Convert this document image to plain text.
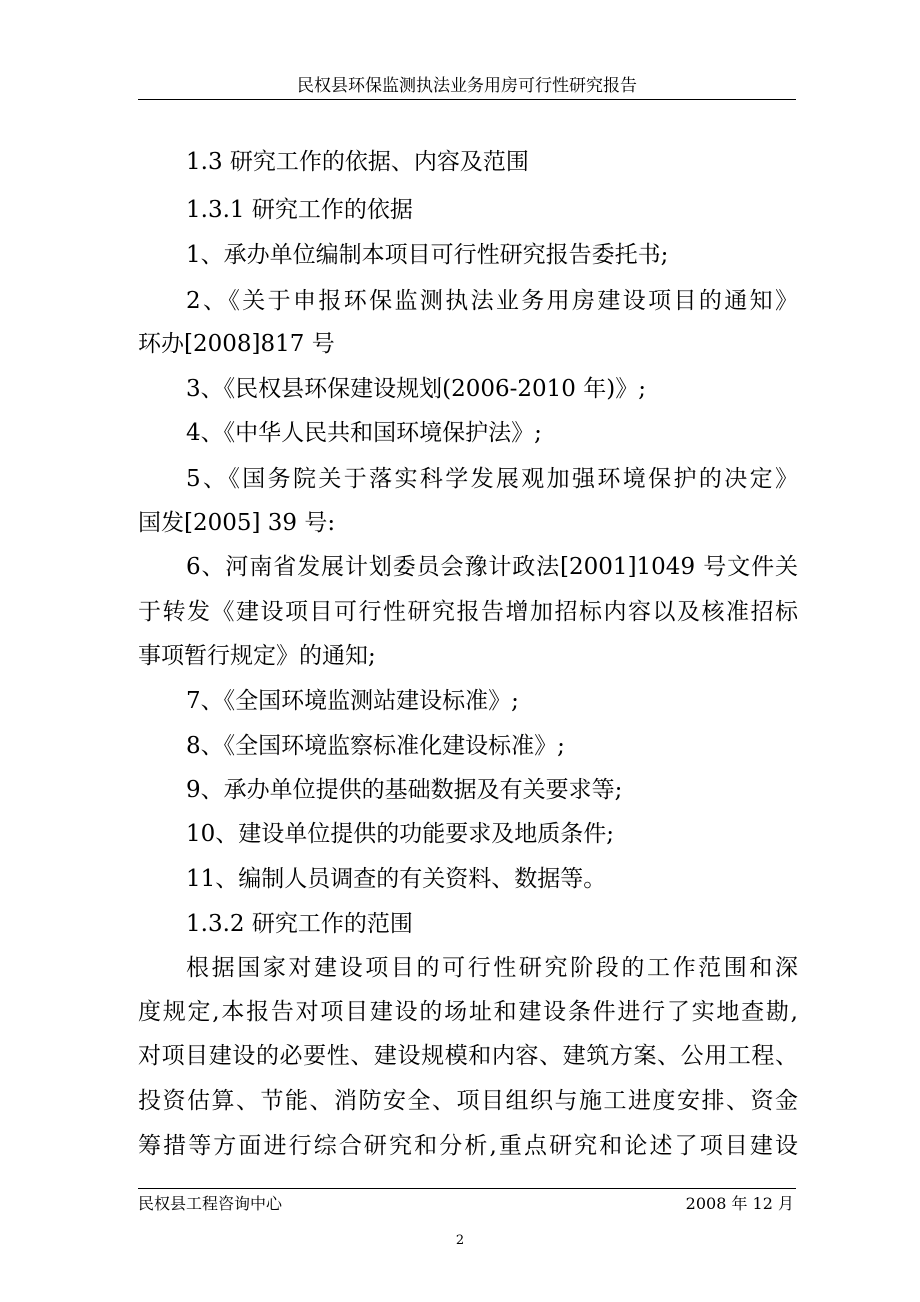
民权县环保监测执法业务用房可行性研究报告
1.3 研究工作的依据、内容及范围
1.3.1 研究工作的依据
1、承办单位编制本项目可行性研究报告委托书;
2、《关于申报环保监测执法业务用房建设项目的通知》
环办[2008]817 号
3、《民权县环保建设规划(2006-2010 年)》;
4、《中华人民共和国环境保护法》;
5、《国务院关于落实科学发展观加强环境保护的决定》
国发[2005] 39 号:
6、河南省发展计划委员会豫计政法[2001]1049 号文件关
于转发《建设项目可行性研究报告增加招标内容以及核准招标
事项暂行规定》的通知;
7、《全国环境监测站建设标准》;
8、《全国环境监察标准化建设标准》;
9、承办单位提供的基础数据及有关要求等;
10、建设单位提供的功能要求及地质条件;
11、编制人员调查的有关资料、数据等。
1.3.2 研究工作的范围
根据国家对建设项目的可行性研究阶段的工作范围和深
度规定,本报告对项目建设的场址和建设条件进行了实地查勘,
对项目建设的必要性、建设规模和内容、建筑方案、公用工程、
投资估算、节能、消防安全、项目组织与施工进度安排、资金
筹措等方面进行综合研究和分析,重点研究和论述了项目建设
民权县工程咨询中心	2008 年 12 月
2
